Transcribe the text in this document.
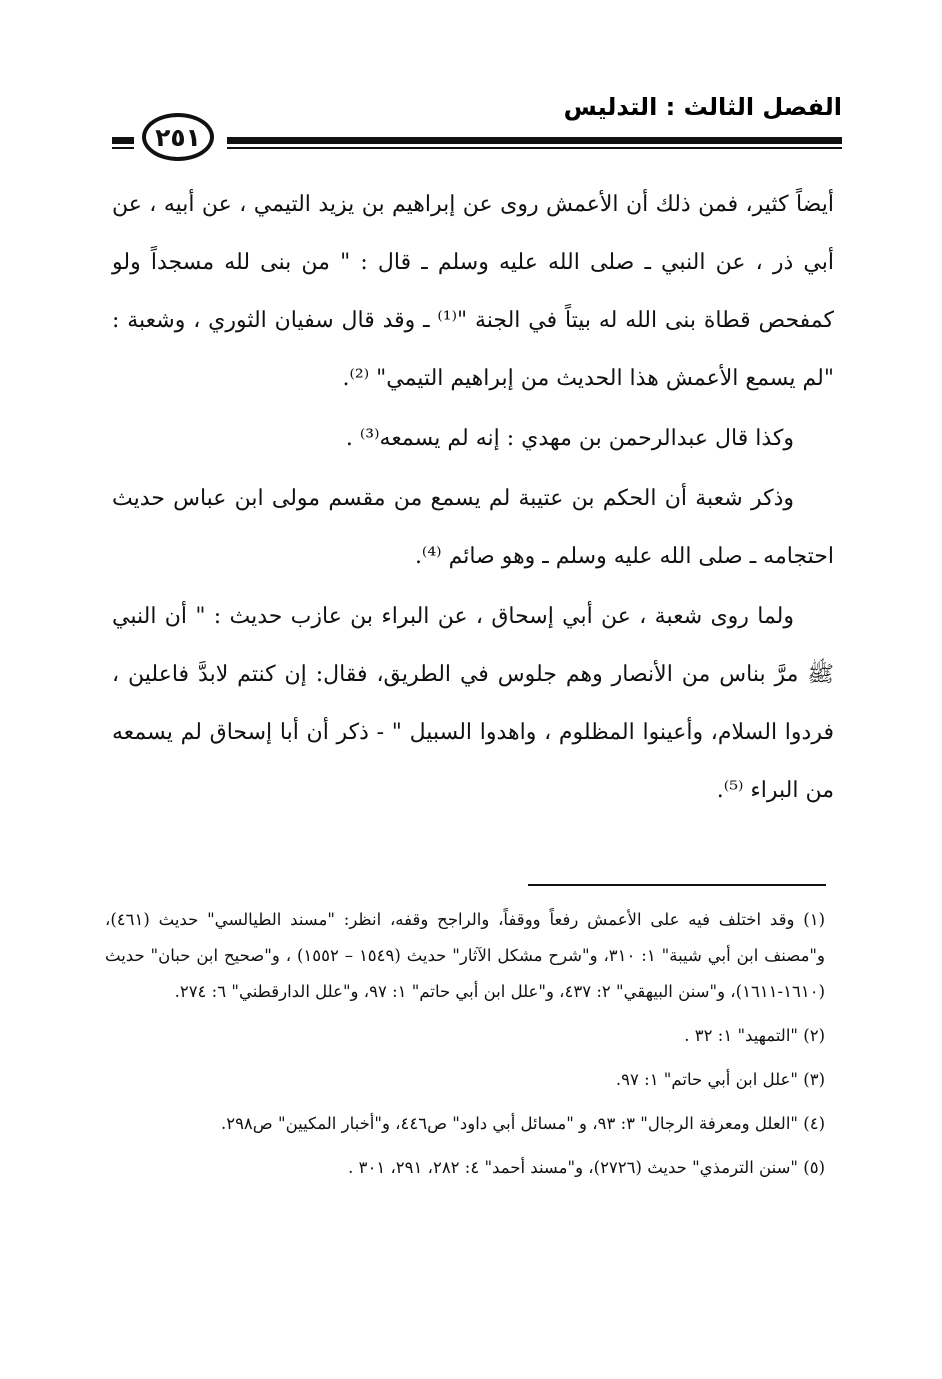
الفصل الثالث : التدليس
٢٥١

أيضاً كثير، فمن ذلك أن الأعمش روى عن إبراهيم بن يزيد التيمي ، عن أبيه ، عن أبي ذر ، عن النبي ـ صلى الله عليه وسلم ـ قال : " من بنى لله مسجداً ولو كمفحص قطاة بنى الله له بيتاً في الجنة "⁽¹⁾ ـ وقد قال سفيان الثوري ، وشعبة : "لم يسمع الأعمش هذا الحديث من إبراهيم التيمي" ⁽²⁾.

وكذا قال عبدالرحمن بن مهدي : إنه لم يسمعه⁽³⁾ .

وذكر شعبة أن الحكم بن عتيبة لم يسمع من مقسم مولى ابن عباس حديث احتجامه ـ صلى الله عليه وسلم ـ وهو صائم ⁽⁴⁾.

ولما روى شعبة ، عن أبي إسحاق ، عن البراء بن عازب حديث : " أن النبي ﷺ مرَّ بناس من الأنصار وهم جلوس في الطريق، فقال: إن كنتم لابدَّ فاعلين ، فردوا السلام، وأعينوا المظلوم ، واهدوا السبيل " - ذكر أن أبا إسحاق لم يسمعه من البراء ⁽⁵⁾.

(١) وقد اختلف فيه على الأعمش رفعاً ووقفاً، والراجح وقفه، انظر: "مسند الطيالسي" حديث (٤٦١)، و"مصنف ابن أبي شيبة" ١: ٣١٠، و"شرح مشكل الآثار" حديث (١٥٤٩ – ١٥٥٢) ، و"صحيح ابن حبان" حديث (١٦١٠-١٦١١)، و"سنن البيهقي" ٢: ٤٣٧، و"علل ابن أبي حاتم" ١: ٩٧، و"علل الدارقطني" ٦: ٢٧٤.

(٢) "التمهيد" ١: ٣٢ .

(٣) "علل ابن أبي حاتم" ١: ٩٧.

(٤) "العلل ومعرفة الرجال" ٣: ٩٣، و "مسائل أبي داود" ص٤٤٦، و"أخبار المكيين" ص٢٩٨.

(٥) "سنن الترمذي" حديث (٢٧٢٦)، و"مسند أحمد" ٤: ٢٨٢، ٢٩١، ٣٠١ .
